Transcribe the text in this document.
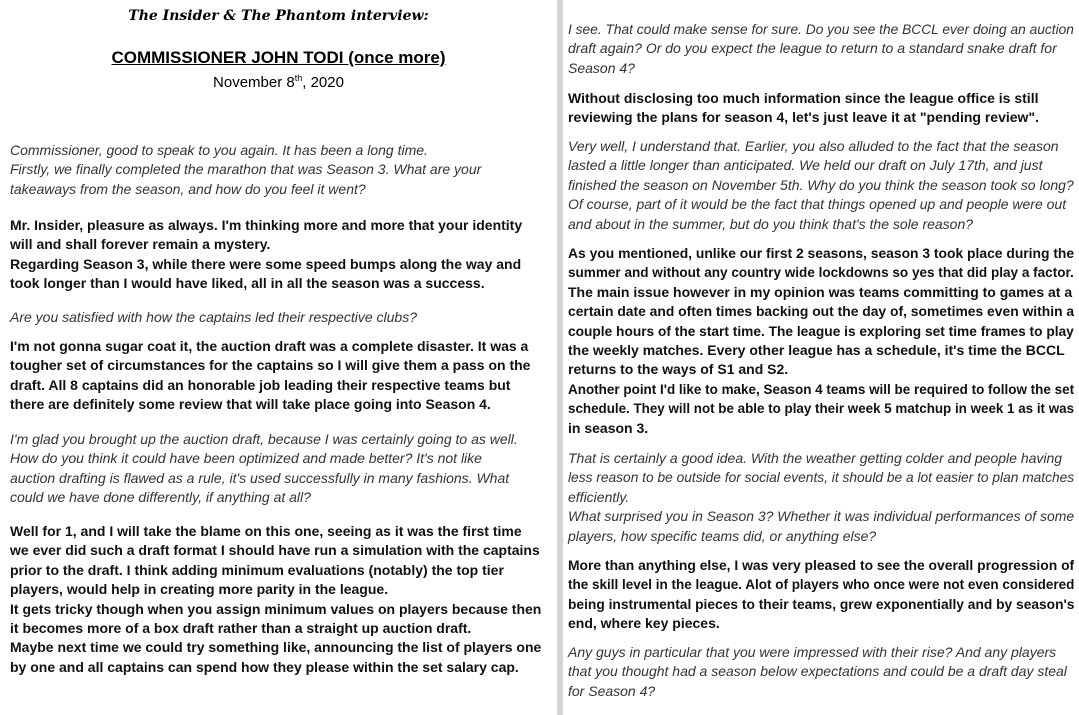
The Insider & The Phantom interview:
COMMISSIONER JOHN TODI (once more)
November 8th, 2020
Commissioner, good to speak to you again. It has been a long time.
Firstly, we finally completed the marathon that was Season 3. What are your
takeaways from the season, and how do you feel it went?
Mr. Insider, pleasure as always. I'm thinking more and more that your identity
will and shall forever remain a mystery.
Regarding Season 3, while there were some speed bumps along the way and
took longer than I would have liked, all in all the season was a success.
Are you satisfied with how the captains led their respective clubs?
I'm not gonna sugar coat it, the auction draft was a complete disaster. It was a
tougher set of circumstances for the captains so I will give them a pass on the
draft. All 8 captains did an honorable job leading their respective teams but
there are definitely some review that will take place going into Season 4.
I'm glad you brought up the auction draft, because I was certainly going to as well.
How do you think it could have been optimized and made better? It's not like
auction drafting is flawed as a rule, it's used successfully in many fashions. What
could we have done differently, if anything at all?
Well for 1, and I will take the blame on this one, seeing as it was the first time
we ever did such a draft format I should have run a simulation with the captains
prior to the draft. I think adding minimum evaluations (notably) the top tier
players, would help in creating more parity in the league.
It gets tricky though when you assign minimum values on players because then
it becomes more of a box draft rather than a straight up auction draft.
Maybe next time we could try something like, announcing the list of players one
by one and all captains can spend how they please within the set salary cap.
I see. That could make sense for sure. Do you see the BCCL ever doing an auction
draft again? Or do you expect the league to return to a standard snake draft for
Season 4?
Without disclosing too much information since the league office is still
reviewing the plans for season 4, let's just leave it at "pending review".
Very well, I understand that. Earlier, you also alluded to the fact that the season
lasted a little longer than anticipated. We held our draft on July 17th, and just
finished the season on November 5th. Why do you think the season took so long?
Of course, part of it would be the fact that things opened up and people were out
and about in the summer, but do you think that's the sole reason?
As you mentioned, unlike our first 2 seasons, season 3 took place during the
summer and without any country wide lockdowns so yes that did play a factor.
The main issue however in my opinion was teams committing to games at a
certain date and often times backing out the day of, sometimes even within a
couple hours of the start time. The league is exploring set time frames to play
the weekly matches. Every other league has a schedule, it's time the BCCL
returns to the ways of S1 and S2.
Another point I'd like to make, Season 4 teams will be required to follow the set
schedule. They will not be able to play their week 5 matchup in week 1 as it was
in season 3.
That is certainly a good idea. With the weather getting colder and people having
less reason to be outside for social events, it should be a lot easier to plan matches
efficiently.
What surprised you in Season 3? Whether it was individual performances of some
players, how specific teams did, or anything else?
More than anything else, I was very pleased to see the overall progression of
the skill level in the league. Alot of players who once were not even considered
being instrumental pieces to their teams, grew exponentially and by season's
end, where key pieces.
Any guys in particular that you were impressed with their rise? And any players
that you thought had a season below expectations and could be a draft day steal
for Season 4?
